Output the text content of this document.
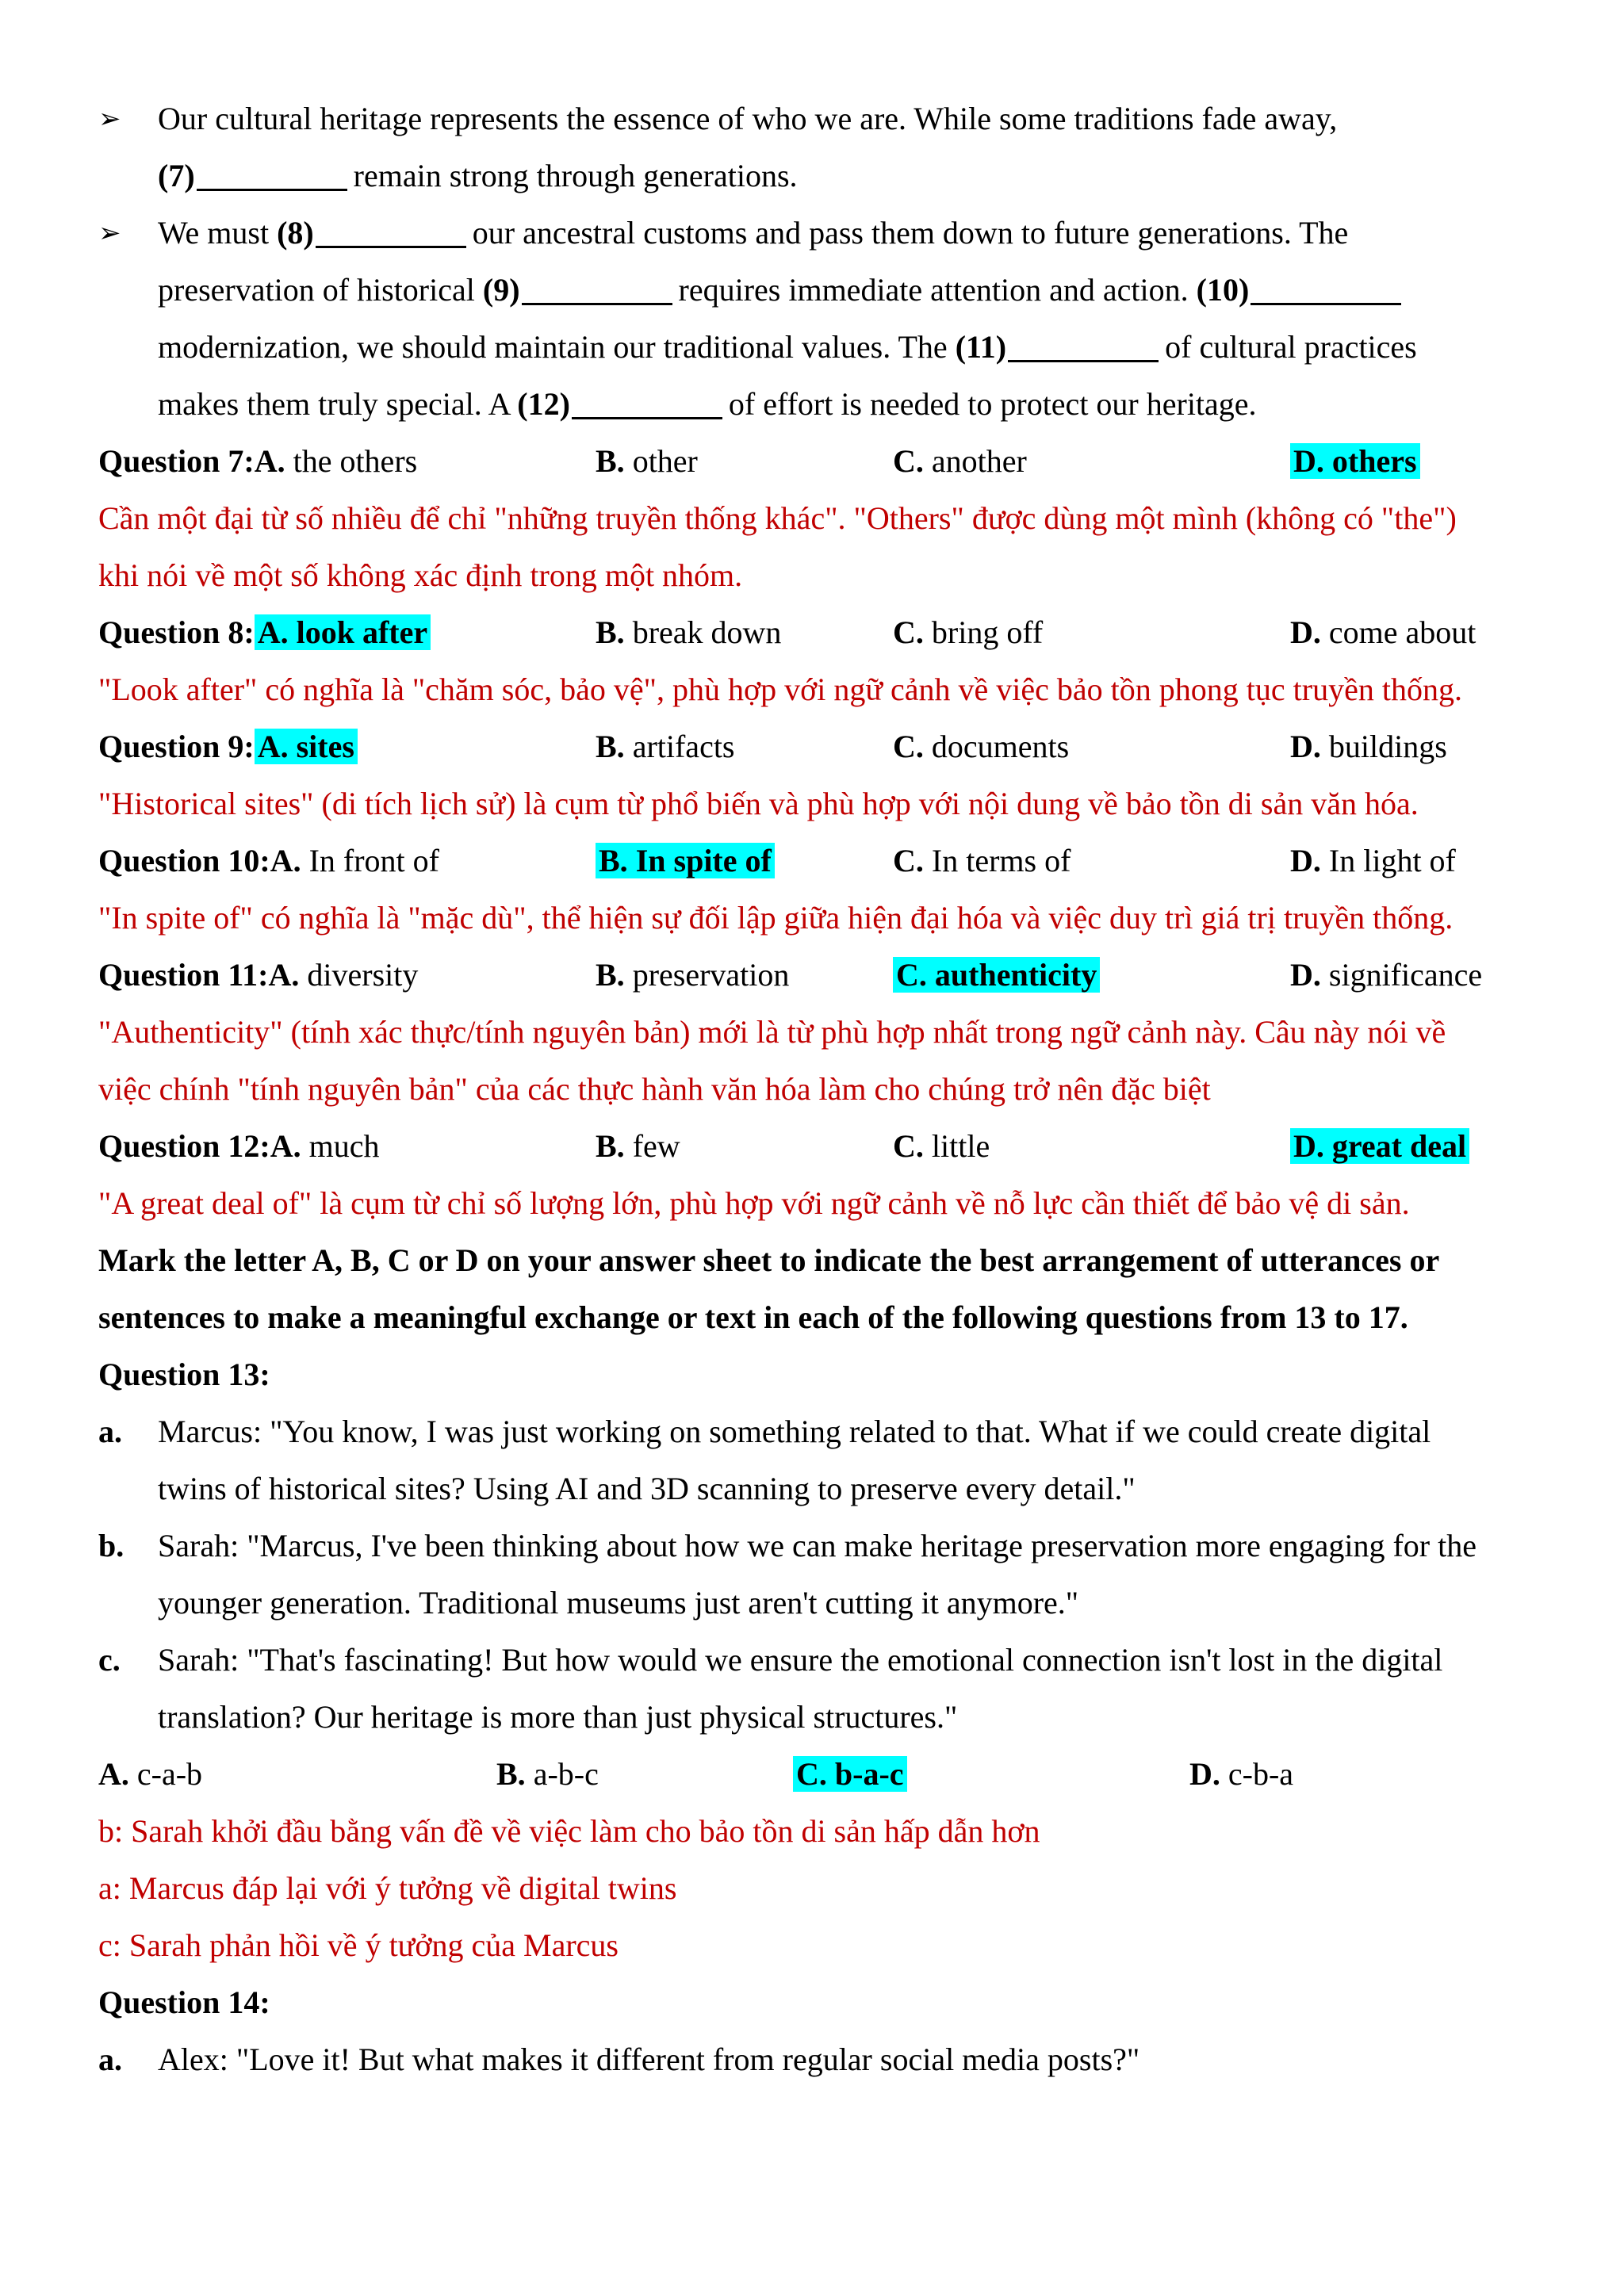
➢ Our cultural heritage represents the essence of who we are. While some traditions fade away,
(7)	remain strong through generations.
➢ We must (8)	our ancestral customs and pass them down to future generations. The
preservation of historical (9)	requires immediate attention and action. (10)
modernization, we should maintain our traditional values. The (11)	of cultural practices
makes them truly special. A (12)	of effort is needed to protect our heritage.
Question 7:A. the others	B. other	C. another	D. others
Cần một đại từ số nhiều để chỉ "những truyền thống khác". "Others" được dùng một mình (không có "the")
khi nói về một số không xác định trong một nhóm.
Question 8: A. look after	B. break down	C. bring off	D. come about
"Look after" có nghĩa là "chăm sóc, bảo vệ", phù hợp với ngữ cảnh về việc bảo tồn phong tục truyền thống.
Question 9: A. sites	B. artifacts	C. documents	D. buildings
"Historical sites" (di tích lịch sử) là cụm từ phổ biến và phù hợp với nội dung về bảo tồn di sản văn hóa.
Question 10:A. In front of	B. In spite of	C. In terms of	D. In light of
"In spite of" có nghĩa là "mặc dù", thể hiện sự đối lập giữa hiện đại hóa và việc duy trì giá trị truyền thống.
Question 11:A. diversity	B. preservation	C. authenticity	D. significance
"Authenticity" (tính xác thực/tính nguyên bản) mới là từ phù hợp nhất trong ngữ cảnh này. Câu này nói về
việc chính "tính nguyên bản" của các thực hành văn hóa làm cho chúng trở nên đặc biệt
Question 12:A. much	B. few	C. little	D. great deal
"A great deal of" là cụm từ chỉ số lượng lớn, phù hợp với ngữ cảnh về nỗ lực cần thiết để bảo vệ di sản.
Mark the letter A, B, C or D on your answer sheet to indicate the best arrangement of utterances or
sentences to make a meaningful exchange or text in each of the following questions from 13 to 17.
Question 13:
a. Marcus: "You know, I was just working on something related to that. What if we could create digital
twins of historical sites? Using AI and 3D scanning to preserve every detail."
b. Sarah: "Marcus, I've been thinking about how we can make heritage preservation more engaging for the
younger generation. Traditional museums just aren't cutting it anymore."
c. Sarah: "That's fascinating! But how would we ensure the emotional connection isn't lost in the digital
translation? Our heritage is more than just physical structures."
A. c-a-b	B. a-b-c	C. b-a-c	D. c-b-a
b: Sarah khởi đầu bằng vấn đề về việc làm cho bảo tồn di sản hấp dẫn hơn
a: Marcus đáp lại với ý tưởng về digital twins
c: Sarah phản hồi về ý tưởng của Marcus
Question 14:
a. Alex: "Love it! But what makes it different from regular social media posts?"
